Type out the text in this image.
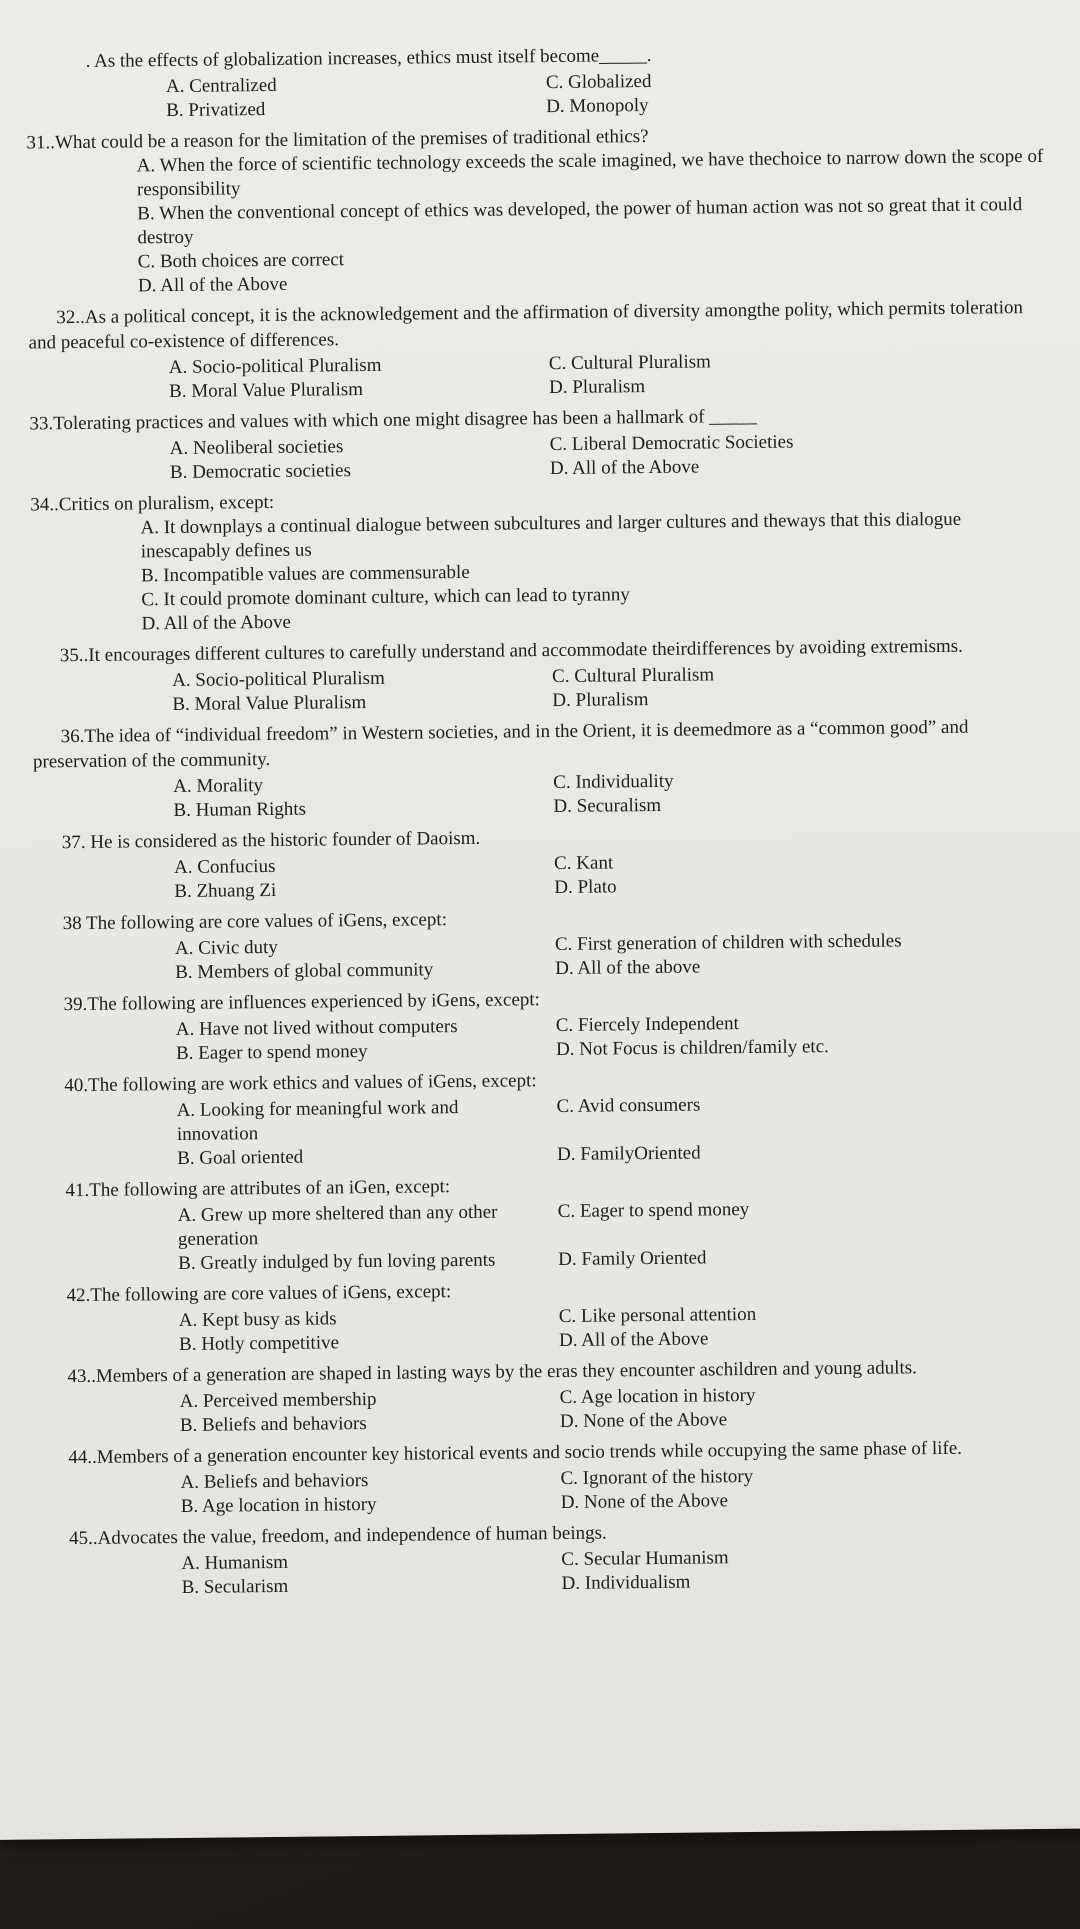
. As the effects of globalization increases, ethics must itself become_____.

A. Centralized	C. Globalized
B. Privatized	D. Monopoly

31..What could be a reason for the limitation of the premises of traditional ethics?

A. When the force of scientific technology exceeds the scale imagined, we have thechoice to narrow down the scope of responsibility
B. When the conventional concept of ethics was developed, the power of human action was not so great that it could destroy
C. Both choices are correct
D. All of the Above

32..As a political concept, it is the acknowledgement and the affirmation of diversity amongthe polity, which permits toleration and peaceful co-existence of differences.

A. Socio-political Pluralism	C. Cultural Pluralism
B. Moral Value Pluralism	D. Pluralism

33.Tolerating practices and values with which one might disagree has been a hallmark of _____

A. Neoliberal societies	C. Liberal Democratic Societies
B. Democratic societies	D. All of the Above

34..Critics on pluralism, except:

A. It downplays a continual dialogue between subcultures and larger cultures and theways that this dialogue inescapably defines us
B. Incompatible values are commensurable
C. It could promote dominant culture, which can lead to tyranny
D. All of the Above

35..It encourages different cultures to carefully understand and accommodate theirdifferences by avoiding extremisms.

A. Socio-political Pluralism	C. Cultural Pluralism
B. Moral Value Pluralism	D. Pluralism

36.The idea of “individual freedom” in Western societies, and in the Orient, it is deemedmore as a “common good” and preservation of the community.

A. Morality	C. Individuality
B. Human Rights	D. Securalism

37. He is considered as the historic founder of Daoism.

A. Confucius	C. Kant
B. Zhuang Zi	D. Plato

38 The following are core values of iGens, except:

A. Civic duty	C. First generation of children with schedules
B. Members of global community	D. All of the above

39.The following are influences experienced by iGens, except:

A. Have not lived without computers	C. Fiercely Independent
B. Eager to spend money	D. Not Focus is children/family etc.

40.The following are work ethics and values of iGens, except:

A. Looking for meaningful work and innovation
C. Avid consumers
B. Goal oriented	D. FamilyOriented

41.The following are attributes of an iGen, except:

A. Grew up more sheltered than any other generation
C. Eager to spend money
B. Greatly indulged by fun loving parents	D. Family Oriented

42.The following are core values of iGens, except:

A. Kept busy as kids	C. Like personal attention
B. Hotly competitive	D. All of the Above

43..Members of a generation are shaped in lasting ways by the eras they encounter aschildren and young adults.

A. Perceived membership	C. Age location in history
B. Beliefs and behaviors	D. None of the Above

44..Members of a generation encounter key historical events and socio trends while occupying the same phase of life.

A. Beliefs and behaviors	C. Ignorant of the history
B. Age location in history	D. None of the Above

45..Advocates the value, freedom, and independence of human beings.

A. Humanism	C. Secular Humanism
B. Secularism	D. Individualism
